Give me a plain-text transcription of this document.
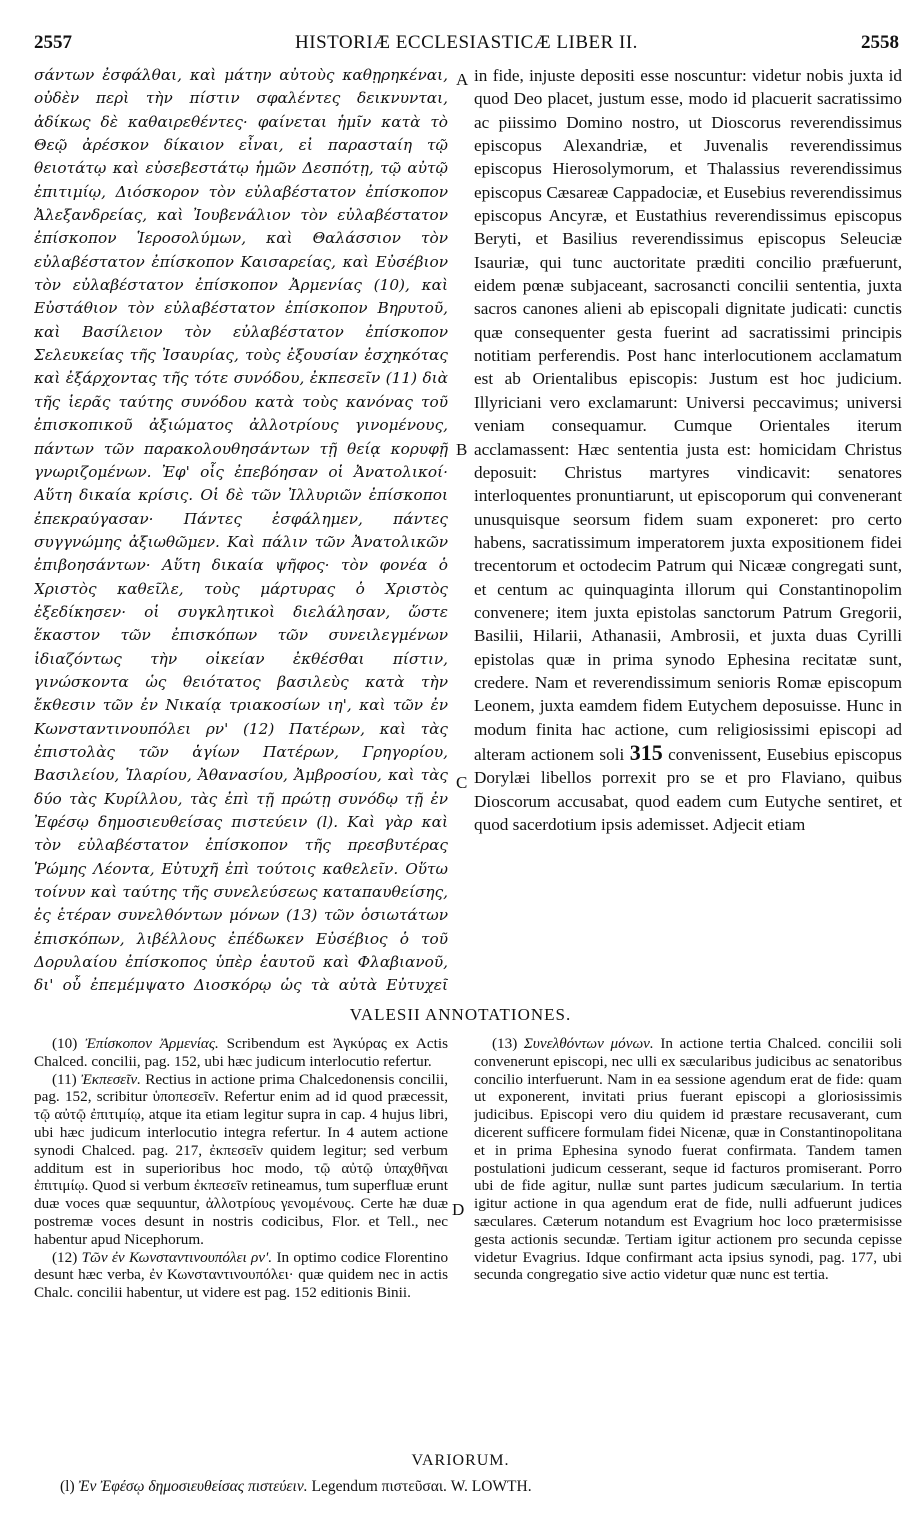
2557	HISTORIÆ ECCLESIASTICÆ LIBER II.	2558

σάντων ἐσφάλθαι, καὶ μάτην αὐτοὺς καθῃρηκέναι, οὐδὲν περὶ τὴν πίστιν σφαλέντες δεικνυνται, ἀδίκως δὲ καθαιρεθέντες· φαίνεται ἡμῖν κατὰ τὸ Θεῷ ἀρέσκον δίκαιον εἶναι, εἰ παρασταίη τῷ θειοτάτῳ καὶ εὐσεβεστάτῳ ἡμῶν Δεσπότῃ, τῷ αὐτῷ ἐπιτιμίῳ, Διόσκορον τὸν εὐλαβέστατον ἐπίσκοπον Ἀλεξανδρείας, καὶ Ἰουβενάλιον τὸν εὐλαβέστατον ἐπίσκοπον Ἱεροσολύμων, καὶ Θαλάσσιον τὸν εὐλαβέστατον ἐπίσκοπον Καισαρείας, καὶ Εὐσέβιον τὸν εὐλαβέστατον ἐπίσκοπον Ἀρμενίας (10), καὶ Εὐστάθιον τὸν εὐλαβέστατον ἐπίσκοπον Βηρυτοῦ, καὶ Βασίλειον τὸν εὐλαβέστατον ἐπίσκοπον Σελευκείας τῆς Ἰσαυρίας, τοὺς ἐξουσίαν ἐσχηκότας καὶ ἐξάρχοντας τῆς τότε συνόδου, ἐκπεσεῖν (11) διὰ τῆς ἱερᾶς ταύτης συνόδου κατὰ τοὺς κανόνας τοῦ ἐπισκοπικοῦ ἀξιώματος ἀλλοτρίους γινομένους, πάντων τῶν παρακολουθησάντων τῇ θείᾳ κορυφῇ γνωριζομένων. Ἐφ' οἷς ἐπεβόησαν οἱ Ἀνατολικοί· Αὕτη δικαία κρίσις. Οἱ δὲ τῶν Ἰλλυριῶν ἐπίσκοποι ἐπεκραύγασαν· Πάντες ἐσφάλημεν, πάντες συγγνώμης ἀξιωθῶμεν. Καὶ πάλιν τῶν Ἀνατολικῶν ἐπιβοησάντων· Αὕτη δικαία ψῆφος· τὸν φονέα ὁ Χριστὸς καθεῖλε, τοὺς μάρτυρας ὁ Χριστὸς ἐξεδίκησεν· οἱ συγκλητικοὶ διελάλησαν, ὥστε ἕκαστον τῶν ἐπισκόπων τῶν συνειλεγμένων ἰδιαζόντως τὴν οἰκείαν ἐκθέσθαι πίστιν, γινώσκοντα ὡς θειότατος βασιλεὺς κατὰ τὴν ἔκθεσιν τῶν ἐν Νικαίᾳ τριακοσίων ιη', καὶ τῶν ἐν Κωνσταντινουπόλει ρν' (12) Πατέρων, καὶ τὰς ἐπιστολὰς τῶν ἁγίων Πατέρων, Γρηγορίου, Βασιλείου, Ἱλαρίου, Ἀθανασίου, Ἀμβροσίου, καὶ τὰς δύο τὰς Κυρίλλου, τὰς ἐπὶ τῇ πρώτῃ συνόδῳ τῇ ἐν Ἐφέσῳ δημοσιευθείσας πιστεύειν (l). Καὶ γὰρ καὶ τὸν εὐλαβέστατον ἐπίσκοπον τῆς πρεσβυτέρας Ῥώμης Λέοντα, Εὐτυχῆ ἐπὶ τούτοις καθελεῖν. Οὕτω τοίνυν καὶ ταύτης τῆς συνελεύσεως καταπαυθείσης, ἐς ἑτέραν συνελθόντων μόνων (13) τῶν ὁσιωτάτων ἐπισκόπων, λιβέλλους ἐπέδωκεν Εὐσέβιος ὁ τοῦ Δορυλαίου ἐπίσκοπος ὑπὲρ ἑαυτοῦ καὶ Φλαβιανοῦ, δι' οὗ ἐπεμέμψατο Διοσκόρῳ ὡς τὰ αὐτὰ Εὐτυχεῖ

in fide, injuste depositi esse noscuntur: videtur nobis juxta id quod Deo placet, justum esse, modo id placuerit sacratissimo ac piissimo Domino nostro, ut Dioscorus reverendissimus episcopus Alexandriæ, et Juvenalis reverendissimus episcopus Hierosolymorum, et Thalassius reverendissimus episcopus Cæsareæ Cappadociæ, et Eusebius reverendissimus episcopus Ancyræ, et Eustathius reverendissimus episcopus Beryti, et Basilius reverendissimus episcopus Seleuciæ Isauriæ, qui tunc auctoritate præditi concilio præfuerunt, eidem pœnæ subjaceant, sacrosancti concilii sententia, juxta sacros canones alieni ab episcopali dignitate judicati: cunctis quæ consequenter gesta fuerint ad sacratissimi principis notitiam perferendis. Post hanc interlocutionem acclamatum est ab Orientalibus episcopis: Justum est hoc judicium. Illyriciani vero exclamarunt: Universi peccavimus; universi veniam consequamur. Cumque Orientales iterum acclamassent: Hæc sententia justa est: homicidam Christus deposuit: Christus martyres vindicavit: senatores interloquentes pronuntiarunt, ut episcoporum qui convenerant unusquisque seorsum fidem suam exponeret: pro certo habens, sacratissimum imperatorem juxta expositionem fidei trecentorum et octodecim Patrum qui Nicææ congregati sunt, et centum ac quinquaginta illorum qui Constantinopolim convenere; item juxta epistolas sanctorum Patrum Gregorii, Basilii, Hilarii, Athanasii, Ambrosii, et juxta duas Cyrilli epistolas quæ in prima synodo Ephesina recitatæ sunt, credere. Nam et reverendissimum senioris Romæ episcopum Leonem, juxta eamdem fidem Eutychem deposuisse. Hunc in modum finita hac actione, cum religiosissimi episcopi ad alteram actionem soli 315 convenissent, Eusebius episcopus Dorylæi libellos porrexit pro se et pro Flaviano, quibus Dioscorum accusabat, quod eadem cum Eutyche sentiret, et quod sacerdotium ipsis ademisset. Adjecit etiam

A
B
C
D
VALESII ANNOTATIONES.

(10) Ἐπίσκοπον Ἀρμενίας. Scribendum est Ἀγκύρας ex Actis Chalced. concilii, pag. 152, ubi hæc judicum interlocutio refertur.

(11) Ἐκπεσεῖν. Rectius in actione prima Chalcedonensis concilii, pag. 152, scribitur ὑποπεσεῖν. Refertur enim ad id quod præcessit, τῷ αὐτῷ ἐπιτιμίῳ, atque ita etiam legitur supra in cap. 4 hujus libri, ubi hæc judicum interlocutio integra refertur. In 4 autem actione synodi Chalced. pag. 217, ἐκπεσεῖν quidem legitur; sed verbum additum est in superioribus hoc modo, τῷ αὐτῷ ὑπαχθῆναι ἐπιτιμίῳ. Quod si verbum ἐκπεσεῖν retineamus, tum superfluæ erunt duæ voces quæ sequuntur, ἀλλοτρίους γενομένους. Certe hæ duæ postremæ voces desunt in nostris codicibus, Flor. et Tell., nec habentur apud Nicephorum.

(12) Τῶν ἐν Κωνσταντινουπόλει ρν'. In optimo codice Florentino desunt hæc verba, ἐν Κωνσταντινουπόλει· quæ quidem nec in actis Chalc. concilii habentur, ut videre est pag. 152 editionis Binii.

(13) Συνελθόντων μόνων. In actione tertia Chalced. concilii soli convenerunt episcopi, nec ulli ex sæcularibus judicibus ac senatoribus concilio interfuerunt. Nam in ea sessione agendum erat de fide: quam ut exponerent, invitati prius fuerant episcopi a gloriosissimis judicibus. Episcopi vero diu quidem id præstare recusaverant, cum dicerent sufficere formulam fidei Nicenæ, quæ in Constantinopolitana et in prima Ephesina synodo fuerat confirmata. Tandem tamen postulationi judicum cesserant, seque id facturos promiserant. Porro ubi de fide agitur, nullæ sunt partes judicum sæcularium. In tertia igitur actione in qua agendum erat de fide, nulli adfuerunt judices sæculares. Cæterum notandum est Evagrium hoc loco prætermisisse gesta actionis secundæ. Tertiam igitur actionem pro secunda cepisse videtur Evagrius. Idque confirmant acta ipsius synodi, pag. 177, ubi secunda congregatio sive actio videtur quæ nunc est tertia.

VARIORUM.
(l) Ἐν Ἐφέσῳ δημοσιευθείσας πιστεύειν. Legendum πιστεῦσαι. W. LOWTH.
